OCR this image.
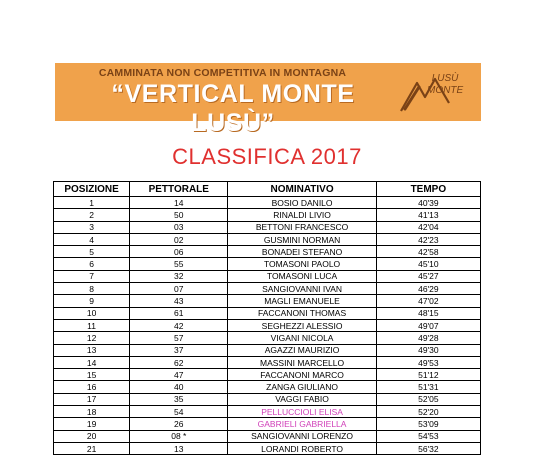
CAMMINATA NON COMPETITIVA IN MONTAGNA
“VERTICAL MONTE LUSÙ”
LUSÙ
MONTE
CLASSIFICA 2017
POSIZIONE	PETTORALE	NOMINATIVO	TEMPO
1	14	BOSIO DANILO	40'39
2	50	RINALDI LIVIO	41'13
3	03	BETTONI FRANCESCO	42'04
4	02	GUSMINI NORMAN	42'23
5	06	BONADEI STEFANO	42'58
6	55	TOMASONI PAOLO	45'10
7	32	TOMASONI LUCA	45'27
8	07	SANGIOVANNI IVAN	46'29
9	43	MAGLI EMANUELE	47'02
10	61	FACCANONI THOMAS	48'15
11	42	SEGHEZZI ALESSIO	49'07
12	57	VIGANI NICOLA	49'28
13	37	AGAZZI MAURIZIO	49'30
14	62	MASSINI MARCELLO	49'53
15	47	FACCANONI MARCO	51'12
16	40	ZANGA GIULIANO	51'31
17	35	VAGGI FABIO	52'05
18	54	PELLUCCIOLI ELISA	52'20
19	26	GABRIELI GABRIELLA	53'09
20	08 *	SANGIOVANNI LORENZO	54'53
21	13	LORANDI ROBERTO	56'32
